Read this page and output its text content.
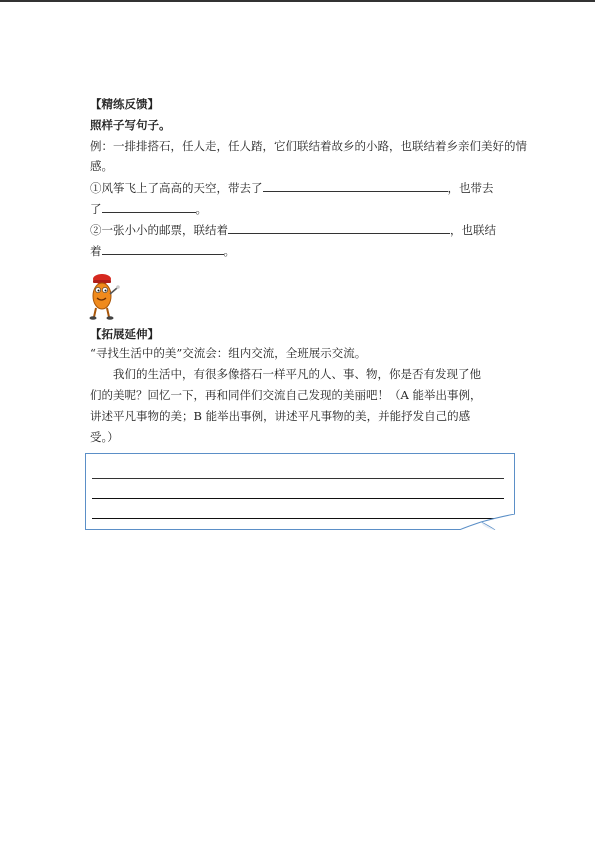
【精练反馈】
照样子写句子。
例：一排排搭石，任人走，任人踏，它们联结着故乡的小路，也联结着乡亲们美好的情
感。
①风筝飞上了高高的天空，带去了	，也带去
了	。
②一张小小的邮票，联结着	，也联结
着	。
【拓展延伸】
“寻找生活中的美”交流会：组内交流，全班展示交流。
我们的生活中，有很多像搭石一样平凡的人、事、物，你是否有发现了他
们的美呢？回忆一下，再和同伴们交流自己发现的美丽吧！（A 能举出事例，
讲述平凡事物的美；B 能举出事例，讲述平凡事物的美，并能抒发自己的感
受。）
